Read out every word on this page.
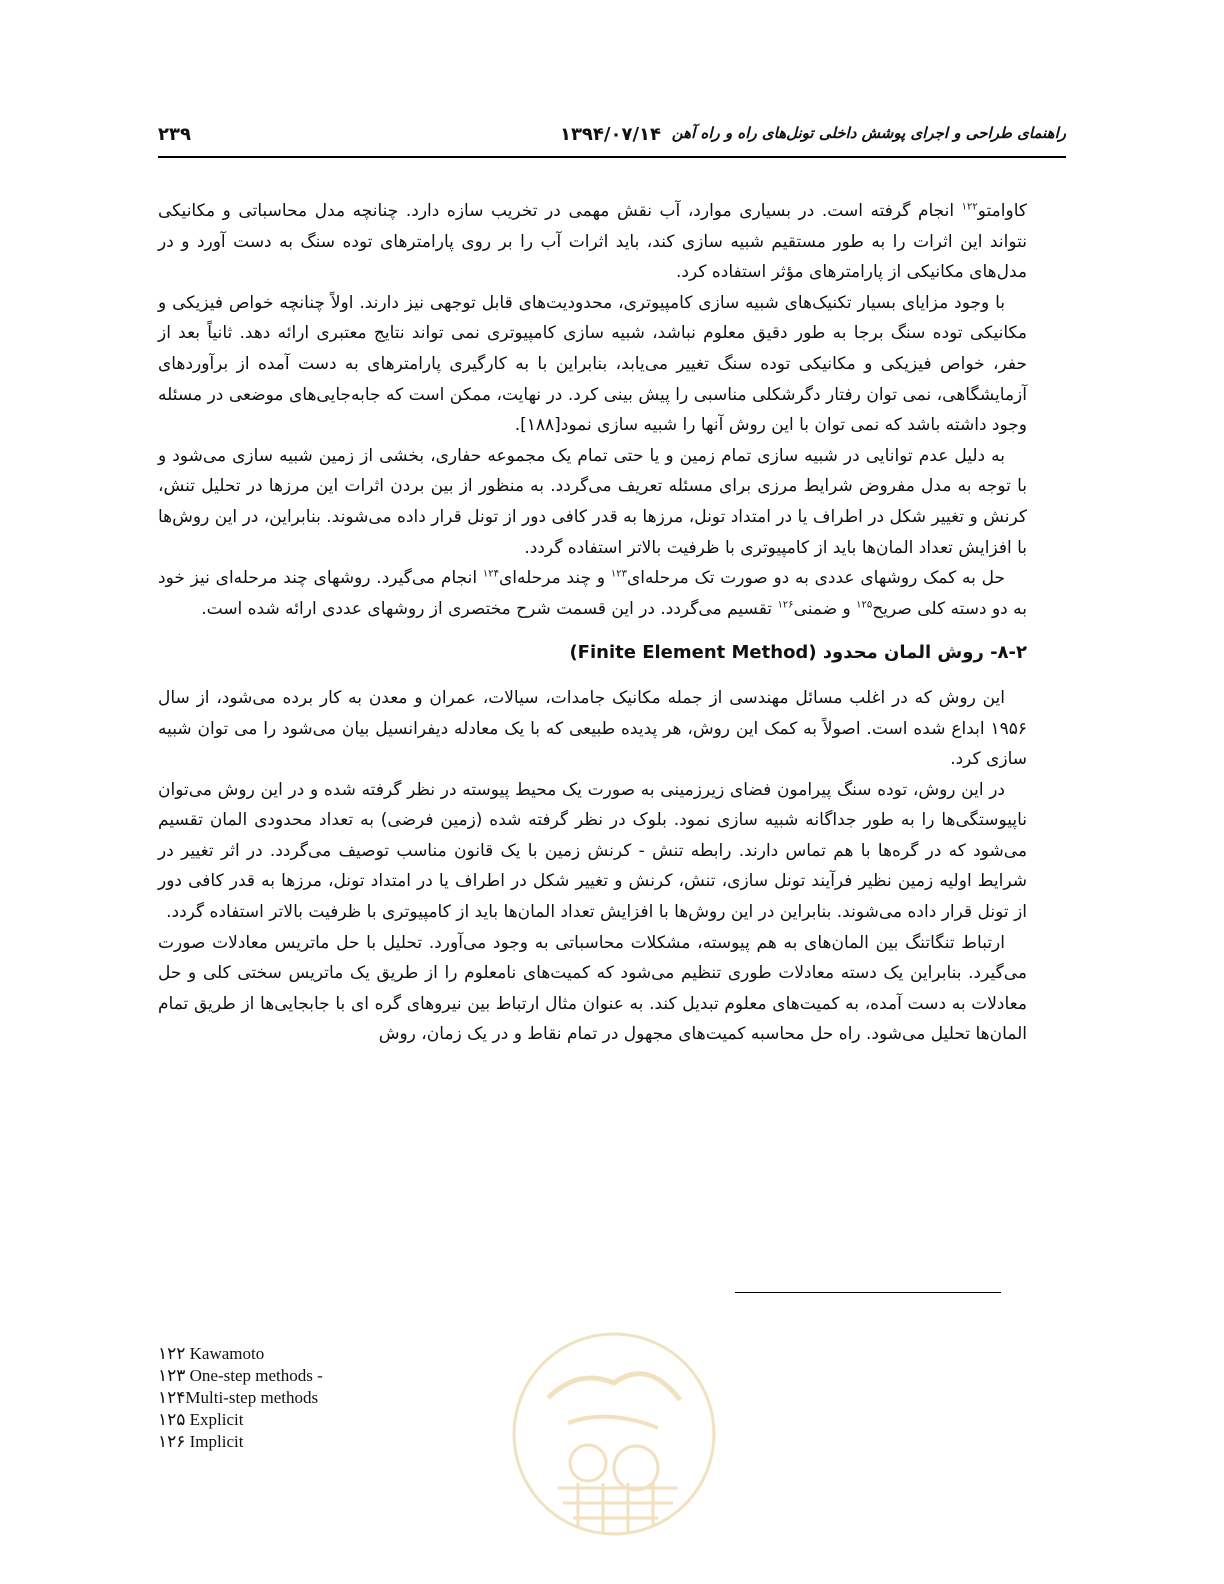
راهنمای طراحی و اجرای پوشش داخلی تونل‌های راه و راه آهن
۱۳۹۴/۰۷/۱۴
۲۳۹

کاوامتو$^{۱۲۲}$ انجام گرفته است. در بسیاری موارد، آب نقش مهمی در تخریب سازه دارد. چنانچه مدل محاسباتی و مکانیکی نتواند این اثرات را به طور مستقیم شبیه سازی کند، باید اثرات آب را بر روی پارامترهای توده سنگ به دست آورد و در مدل‌های مکانیکی از پارامترهای مؤثر استفاده کرد.

با وجود مزایای بسیار تکنیک‌های شبیه سازی کامپیوتری، محدودیت‌های قابل توجهی نیز دارند. اولاً چنانچه خواص فیزیکی و مکانیکی توده سنگ برجا به طور دقیق معلوم نباشد، شبیه سازی کامپیوتری نمی تواند نتایج معتبری ارائه دهد. ثانیاً بعد از حفر، خواص فیزیکی و مکانیکی توده سنگ تغییر می‌یابد، بنابراین با به کارگیری پارامترهای به دست آمده از برآوردهای آزمایشگاهی، نمی توان رفتار دگرشکلی مناسبی را پیش بینی کرد. در نهایت، ممکن است که جابه‌جایی‌های موضعی در مسئله وجود داشته باشد که نمی توان با این روش آنها را شبیه سازی نمود[۱۸۸].

به دلیل عدم توانایی در شبیه سازی تمام زمین و یا حتی تمام یک مجموعه حفاری، بخشی از زمین شبیه سازی می‌شود و با توجه به مدل مفروض شرایط مرزی برای مسئله تعریف می‌گردد. به منظور از بین بردن اثرات این مرزها در تحلیل تنش، کرنش و تغییر شکل در اطراف یا در امتداد تونل، مرزها به قدر کافی دور از تونل قرار داده می‌شوند. بنابراین، در این روش‌ها با افزایش تعداد المان‌ها باید از کامپیوتری با ظرفیت بالاتر استفاده گردد.

حل به کمک روشهای عددی به دو صورت تک مرحله‌ای$^{۱۲۳}$ و چند مرحله‌ای$^{۱۲۴}$ انجام می‌گیرد. روشهای چند مرحله‌ای نیز خود به دو دسته کلی صریح$^{۱۲۵}$ و ضمنی$^{۱۲۶}$ تقسیم می‌گردد. در این قسمت شرح مختصری از روشهای عددی ارائه شده است.

۸-۲- روش المان محدود (Finite Element Method)

این روش که در اغلب مسائل مهندسی از جمله مکانیک جامدات، سیالات، عمران و معدن به کار برده می‌شود، از سال ۱۹۵۶ ابداع شده است. اصولاً به کمک این روش، هر پدیده طبیعی که با یک معادله دیفرانسیل بیان می‌شود را می توان شبیه سازی کرد.

در این روش، توده سنگ پیرامون فضای زیرزمینی به صورت یک محیط پیوسته در نظر گرفته شده و در این روش می‌توان ناپیوستگی‌ها را به طور جداگانه شبیه سازی نمود. بلوک در نظر گرفته شده (زمین فرضی) به تعداد محدودی المان تقسیم می‌شود که در گره‌ها با هم تماس دارند. رابطه تنش - کرنش زمین با یک قانون مناسب توصیف می‌گردد. در اثر تغییر در شرایط اولیه زمین نظیر فرآیند تونل سازی، تنش، کرنش و تغییر شکل در اطراف یا در امتداد تونل، مرزها به قدر کافی دور از تونل قرار داده می‌شوند. بنابراین در این روش‌ها با افزایش تعداد المان‌ها باید از کامپیوتری با ظرفیت بالاتر استفاده گردد.

ارتباط تنگاتنگ بین المان‌های به هم پیوسته، مشکلات محاسباتی به وجود می‌آورد. تحلیل با حل ماتریس معادلات صورت می‌گیرد. بنابراین یک دسته معادلات طوری تنظیم می‌شود که کمیت‌های نامعلوم را از طریق یک ماتریس سختی کلی و حل معادلات به دست آمده، به کمیت‌های معلوم تبدیل کند. به عنوان مثال ارتباط بین نیروهای گره ای با جابجایی‌ها از طریق تمام المان‌ها تحلیل می‌شود. راه حل محاسبه کمیت‌های مجهول در تمام نقاط و در یک زمان، روش

۱۲۲ Kawamoto
۱۲۳ One-step methods -
۱۲۴Multi-step methods
۱۲۵ Explicit
۱۲۶ Implicit
